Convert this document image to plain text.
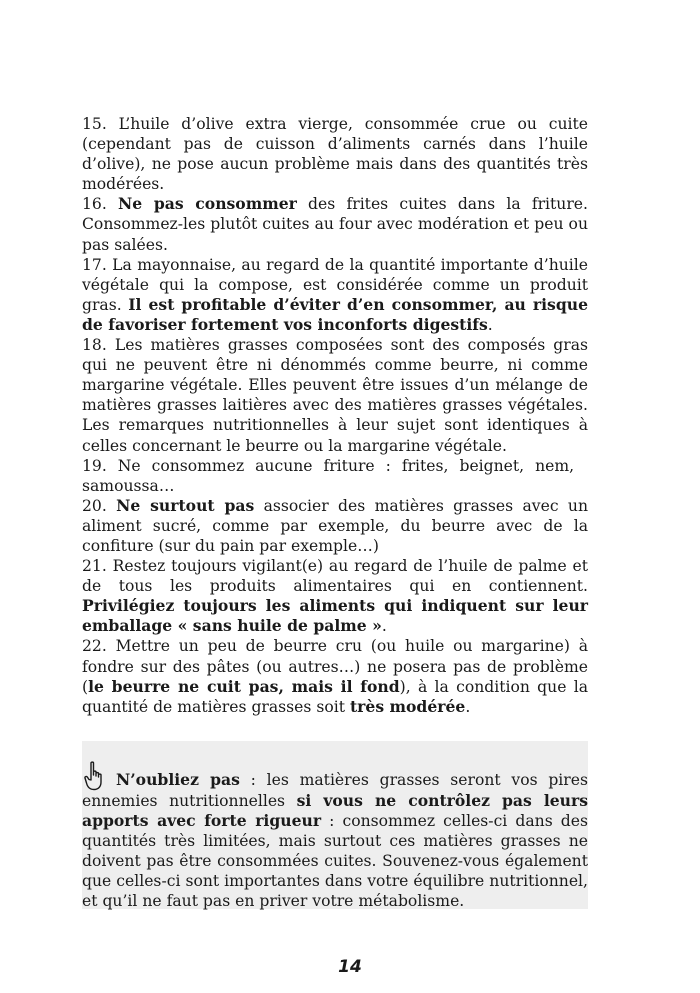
15. L’huile d’olive extra vierge, consommée crue ou cuite (cependant pas de cuisson d’aliments carnés dans l’huile d’olive), ne pose aucun problème mais dans des quantités très modérées.

16. Ne pas consommer des frites cuites dans la friture. Consommez-les plutôt cuites au four avec modération et peu ou pas salées.

17. La mayonnaise, au regard de la quantité importante d’huile végétale qui la compose, est considérée comme un produit gras. Il est profitable d’éviter d’en consommer, au risque de favoriser fortement vos inconforts digestifs.

18. Les matières grasses composées sont des composés gras qui ne peuvent être ni dénommés comme beurre, ni comme margarine végétale. Elles peuvent être issues d’un mélange de matières grasses laitières avec des matières grasses végétales. Les remarques nutritionnelles à leur sujet sont identiques à celles concernant le beurre ou la margarine végétale.

19. Ne consommez aucune friture : frites, beignet, nem, samoussa…

20. Ne surtout pas associer des matières grasses avec un aliment sucré, comme par exemple, du beurre avec de la confiture (sur du pain par exemple…)

21. Restez toujours vigilant(e) au regard de l’huile de palme et de tous les produits alimentaires qui en contiennent. Privilégiez toujours les aliments qui indiquent sur leur emballage « sans huile de palme ».

22. Mettre un peu de beurre cru (ou huile ou margarine) à fondre sur des pâtes (ou autres…) ne posera pas de problème (le beurre ne cuit pas, mais il fond), à la condition que la quantité de matières grasses soit très modérée.

N’oubliez pas : les matières grasses seront vos pires ennemies nutritionnelles si vous ne contrôlez pas leurs apports avec forte rigueur : consommez celles-ci dans des quantités très limitées, mais surtout ces matières grasses ne doivent pas être consommées cuites. Souvenez-vous également que celles-ci sont importantes dans votre équilibre nutritionnel, et qu’il ne faut pas en priver votre métabolisme.

14
